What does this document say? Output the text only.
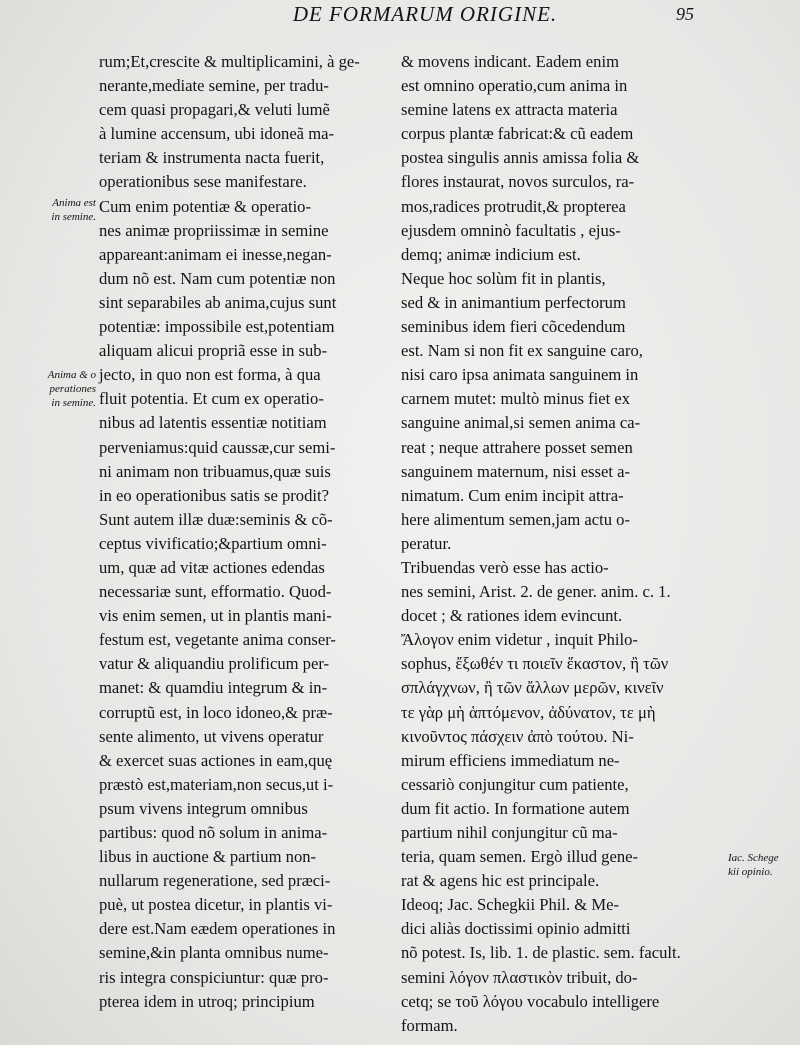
DE FORMARUM ORIGINE.	95
Anima est
in semine.
Anima & o
perationes
in semine.
Iac. Schege
kii opinio.
rum;Et,crescite & multiplicamini, à ge-
nerante,mediate semine, per tradu-
cem quasi propagari,& veluti lumẽ
à lumine accensum, ubi idoneã ma-
teriam & instrumenta nacta fuerit,
operationibus sese manifestare.
Cum enim potentiæ & operatio-
nes animæ propriissimæ in semine
appareant:animam ei inesse,negan-
dum nõ est. Nam cum potentiæ non
sint separabiles ab anima,cujus sunt
potentiæ: impossibile est,potentiam
aliquam alicui propriã esse in sub-
jecto, in quo non est forma, à qua
fluit potentia. Et cum ex operatio-
nibus ad latentis essentiæ notitiam
perveniamus:quid caussæ,cur semi-
ni animam non tribuamus,quæ suis
in eo operationibus satis se prodit?
Sunt autem illæ duæ:seminis & cõ-
ceptus vivificatio;&partium omni-
um, quæ ad vitæ actiones edendas
necessariæ sunt, efformatio. Quod-
vis enim semen, ut in plantis mani-
festum est, vegetante anima conser-
vatur & aliquandiu prolificum per-
manet: & quamdiu integrum & in-
corruptũ est, in loco idoneo,& præ-
sente alimento, ut vivens operatur
& exercet suas actiones in eam,quę
præstò est,materiam,non secus,ut i-
psum vivens integrum omnibus
partibus: quod nõ solum in anima-
libus in auctione & partium non-
nullarum regeneratione, sed præci-
puè, ut postea dicetur, in plantis vi-
dere est.Nam eædem operationes in
semine,&in planta omnibus nume-
ris integra conspiciuntur: quæ pro-
pterea idem in utroq; principium
& movens indicant. Eadem enim
est omnino operatio,cum anima in
semine latens ex attracta materia
corpus plantæ fabricat:& cũ eadem
postea singulis annis amissa folia &
flores instaurat, novos surculos, ra-
mos,radices protrudit,& propterea
ejusdem omninò facultatis , ejus-
demq; animæ indicium est.
Neque hoc solùm fit in plantis,
sed & in animantium perfectorum
seminibus idem fieri cõcedendum
est. Nam si non fit ex sanguine caro,
nisi caro ipsa animata sanguinem in
carnem mutet: multò minus fiet ex
sanguine animal,si semen anima ca-
reat ; neque attrahere posset semen
sanguinem maternum, nisi esset a-
nimatum. Cum enim incipit attra-
here alimentum semen,jam actu o-
peratur.
Tribuendas verò esse has actio-
nes semini, Arist. 2. de gener. anim. c. 1.
docet ; & rationes idem evincunt.
Ἄλογον enim videtur , inquit Philo-
sophus, ἔξωθέν τι ποιεῖν ἕκαστον, ἢ τῶν
σπλάγχνων, ἢ τῶν ἄλλων μερῶν, κινεῖν
τε γὰρ μὴ ἁπτόμενον, ἀδύνατον, τε μὴ
κινοῦντος πάσχειν ἀπὸ τούτου. Ni-
mirum efficiens immediatum ne-
cessariò conjungitur cum patiente,
dum fit actio. In formatione autem
partium nihil conjungitur cũ ma-
teria, quam semen. Ergò illud gene-
rat & agens hic est principale.
Ideoq; Jac. Schegkii Phil. & Me-
dici aliàs doctissimi opinio admitti
nõ potest. Is, lib. 1. de plastic. sem. facult.
semini λόγον πλαστικὸν tribuit, do-
cetq; se τοῦ λόγου vocabulo intelligere
formam.
